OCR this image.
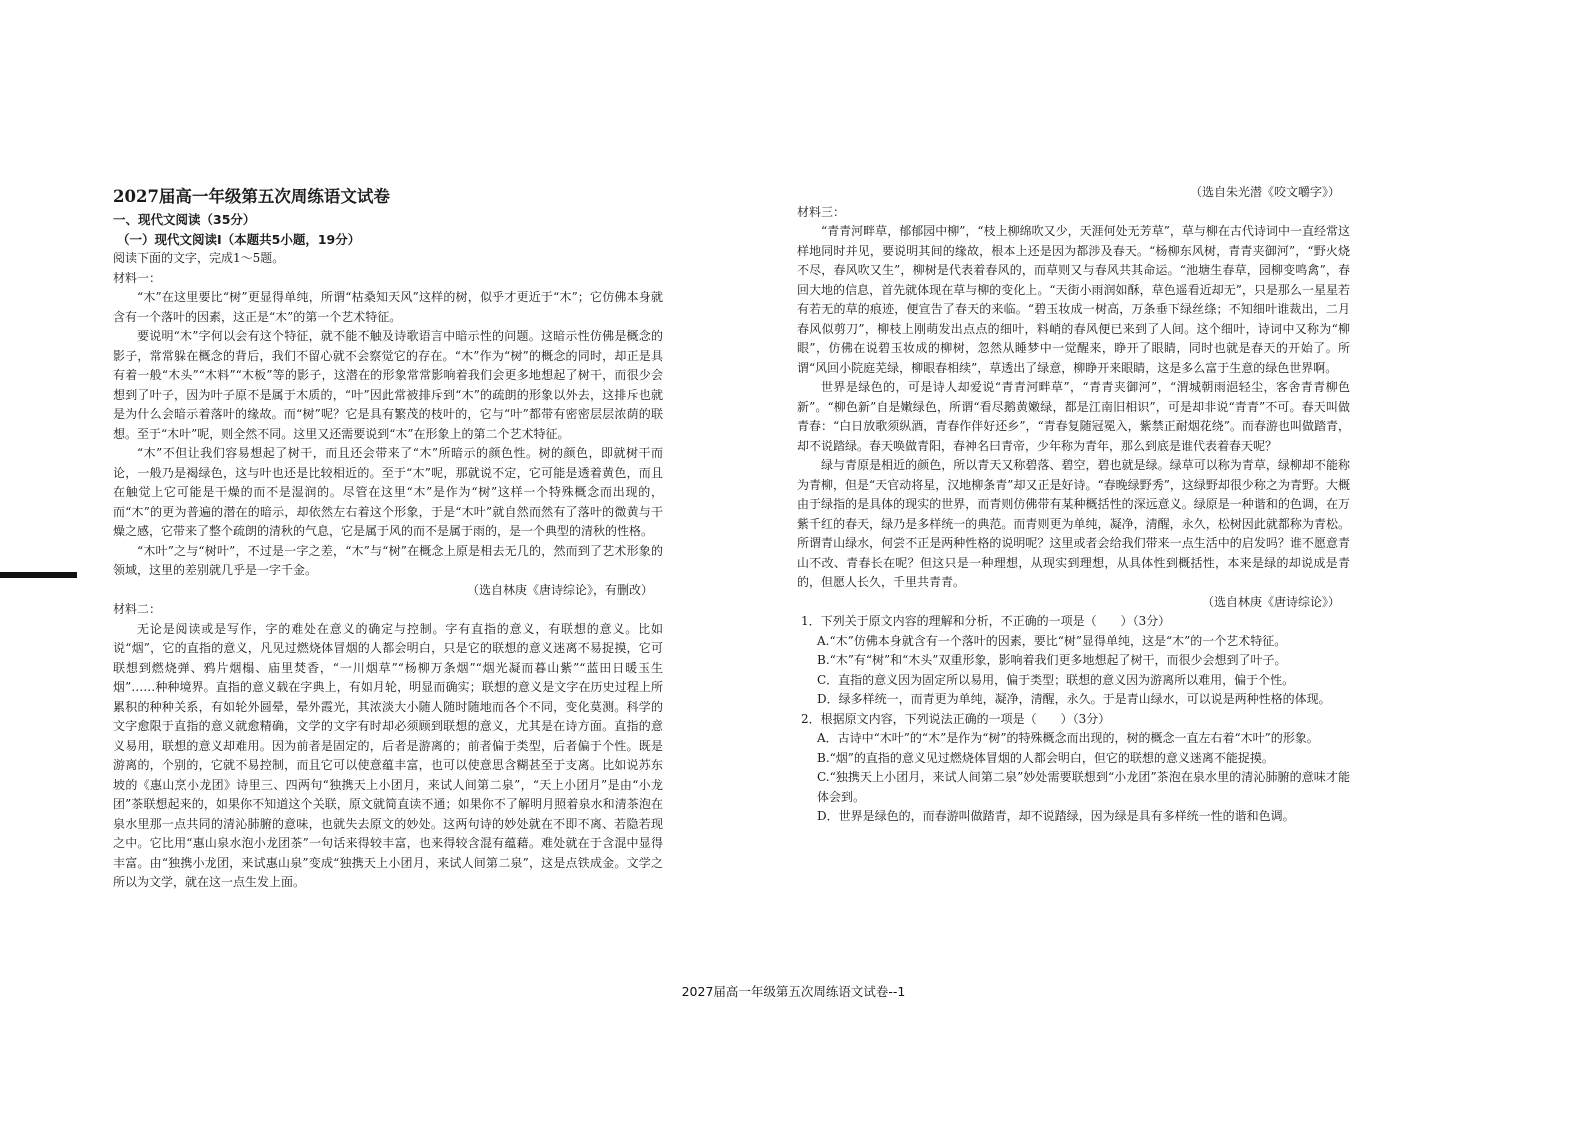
2027届高一年级第五次周练语文试卷

一、现代文阅读（35分）

（一）现代文阅读Ⅰ（本题共5小题，19分）

阅读下面的文字，完成1～5题。

材料一：

“木”在这里要比“树”更显得单纯，所谓“枯桑知天风”这样的树，似乎才更近于“木”；它仿佛本身就含有一个落叶的因素，这正是“木”的第一个艺术特征。

要说明“木”字何以会有这个特征，就不能不触及诗歌语言中暗示性的问题。这暗示性仿佛是概念的影子，常常躲在概念的背后，我们不留心就不会察觉它的存在。“木”作为“树”的概念的同时，却正是具有着一般“木头”“木料”“木板”等的影子，这潜在的形象常常影响着我们会更多地想起了树干，而很少会想到了叶子，因为叶子原不是属于木质的，“叶”因此常被排斥到“木”的疏朗的形象以外去，这排斥也就是为什么会暗示着落叶的缘故。而“树”呢？它是具有繁茂的枝叶的，它与“叶”都带有密密层层浓荫的联想。至于“木叶”呢，则全然不同。这里又还需要说到“木”在形象上的第二个艺术特征。

“木”不但让我们容易想起了树干，而且还会带来了“木”所暗示的颜色性。树的颜色，即就树干而论，一般乃是褐绿色，这与叶也还是比较相近的。至于“木”呢，那就说不定，它可能是透着黄色，而且在触觉上它可能是干燥的而不是湿润的。尽管在这里“木”是作为“树”这样一个特殊概念而出现的，而“木”的更为普遍的潜在的暗示，却依然左右着这个形象，于是“木叶”就自然而然有了落叶的微黄与干燥之感，它带来了整个疏朗的清秋的气息，它是属于风的而不是属于雨的，是一个典型的清秋的性格。

“木叶”之与“树叶”，不过是一字之差，“木”与“树”在概念上原是相去无几的，然而到了艺术形象的领域，这里的差别就几乎是一字千金。

（选自林庚《唐诗综论》，有删改）

材料二：

无论是阅读或是写作，字的难处在意义的确定与控制。字有直指的意义，有联想的意义。比如说“烟”，它的直指的意义，凡见过燃烧体冒烟的人都会明白，只是它的联想的意义迷离不易捉摸，它可联想到燃烧弹、鸦片烟榻、庙里焚香，“一川烟草”“杨柳万条烟”“烟光凝而暮山紫”“蓝田日暖玉生烟”……种种境界。直指的意义载在字典上，有如月轮，明显而确实；联想的意义是文字在历史过程上所累积的种种关系，有如轮外圆晕，晕外霞光，其浓淡大小随人随时随地而各个不同，变化莫测。科学的文字愈限于直指的意义就愈精确，文学的文字有时却必须顾到联想的意义，尤其是在诗方面。直指的意义易用，联想的意义却难用。因为前者是固定的，后者是游离的；前者偏于类型，后者偏于个性。既是游离的，个别的，它就不易控制，而且它可以使意蕴丰富，也可以使意思含糊甚至于支离。比如说苏东坡的《惠山烹小龙团》诗里三、四两句“独携天上小团月，来试人间第二泉”，“天上小团月”是由“小龙团”茶联想起来的，如果你不知道这个关联，原文就简直读不通；如果你不了解明月照着泉水和清茶泡在泉水里那一点共同的清沁肺腑的意味，也就失去原文的妙处。这两句诗的妙处就在不即不离、若隐若现之中。它比用“惠山泉水泡小龙团茶”一句话来得较丰富，也来得较含混有蕴藉。难处就在于含混中显得丰富。由“独携小龙团，来试惠山泉”变成“独携天上小团月，来试人间第二泉”，这是点铁成金。文学之所以为文学，就在这一点生发上面。

（选自朱光潜《咬文嚼字》）

材料三：

“青青河畔草，郁郁园中柳”，“枝上柳绵吹又少，天涯何处无芳草”，草与柳在古代诗词中一直经常这样地同时并见，要说明其间的缘故，根本上还是因为都涉及春天。“杨柳东风树，青青夹御河”，“野火烧不尽，春风吹又生”，柳树是代表着春风的，而草则又与春风共其命运。“池塘生春草，园柳变鸣禽”，春回大地的信息，首先就体现在草与柳的变化上。“天街小雨润如酥，草色遥看近却无”，只是那么一星星若有若无的草的痕迹，便宣告了春天的来临。“碧玉妆成一树高，万条垂下绿丝绦；不知细叶谁裁出，二月春风似剪刀”，柳枝上刚萌发出点点的细叶，料峭的春风便已来到了人间。这个细叶，诗词中又称为“柳眼”，仿佛在说碧玉妆成的柳树，忽然从睡梦中一觉醒来，睁开了眼睛，同时也就是春天的开始了。所谓“风回小院庭芜绿，柳眼春相续”，草透出了绿意，柳睁开来眼睛，这是多么富于生意的绿色世界啊。

世界是绿色的，可是诗人却爱说“青青河畔草”，“青青夹御河”，“渭城朝雨浥轻尘，客舍青青柳色新”。“柳色新”自是嫩绿色，所谓“看尽鹅黄嫩绿，都是江南旧相识”，可是却非说“青青”不可。春天叫做青春：“白日放歌须纵酒，青春作伴好还乡”，“青春复随冠冕入，紫禁正耐烟花绕”。而春游也叫做踏青，却不说踏绿。春天唤做青阳，春神名曰青帝，少年称为青年，那么到底是谁代表着春天呢？

绿与青原是相近的颜色，所以青天又称碧落、碧空，碧也就是绿。绿草可以称为青草，绿柳却不能称为青柳，但是“天官动将星，汉地柳条青”却又正是好诗。“春晚绿野秀”，这绿野却很少称之为青野。大概由于绿指的是具体的现实的世界，而青则仿佛带有某种概括性的深远意义。绿原是一种谐和的色调，在万紫千红的春天，绿乃是多样统一的典范。而青则更为单纯，凝净，清醒，永久，松树因此就都称为青松。所谓青山绿水，何尝不正是两种性格的说明呢？这里或者会给我们带来一点生活中的启发吗？谁不愿意青山不改、青春长在呢？但这只是一种理想，从现实到理想，从具体性到概括性，本来是绿的却说成是青的，但愿人长久，千里共青青。

（选自林庚《唐诗综论》）

1．下列关于原文内容的理解和分析，不正确的一项是（　　）（3分）

A.“木”仿佛本身就含有一个落叶的因素，要比“树”显得单纯，这是“木”的一个艺术特征。

B.“木”有“树”和“木头”双重形象，影响着我们更多地想起了树干，而很少会想到了叶子。

C．直指的意义因为固定所以易用，偏于类型；联想的意义因为游离所以难用，偏于个性。

D．绿多样统一，而青更为单纯，凝净，清醒，永久。于是青山绿水，可以说是两种性格的体现。

2．根据原文内容，下列说法正确的一项是（　　）（3分）

A．古诗中“木叶”的“木”是作为“树”的特殊概念而出现的，树的概念一直左右着“木叶”的形象。

B.“烟”的直指的意义见过燃烧体冒烟的人都会明白，但它的联想的意义迷离不能捉摸。

C.“独携天上小团月，来试人间第二泉”妙处需要联想到“小龙团”茶泡在泉水里的清沁肺腑的意味才能体会到。

D．世界是绿色的，而春游叫做踏青，却不说踏绿，因为绿是具有多样统一性的谐和色调。

2027届高一年级第五次周练语文试卷--1
